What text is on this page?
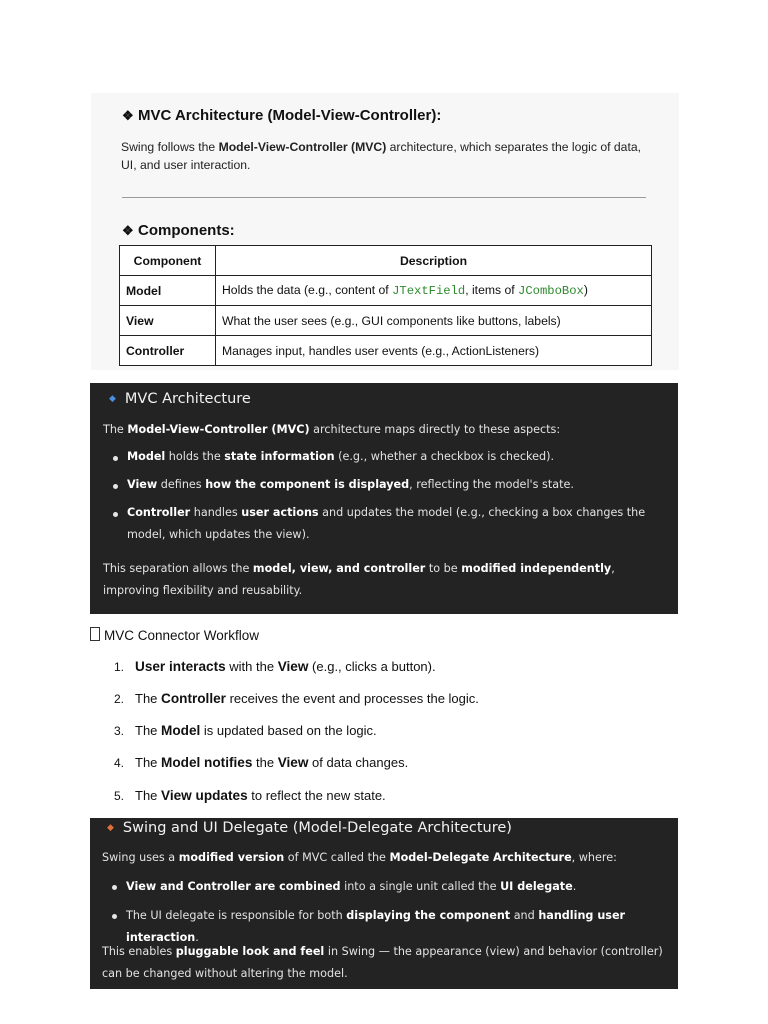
❖ MVC Architecture (Model-View-Controller):
Swing follows the Model-View-Controller (MVC) architecture, which separates the logic of data, UI, and user interaction.
❖ Components:
Component	Description
Model	Holds the data (e.g., content of JTextField, items of JComboBox)
View	What the user sees (e.g., GUI components like buttons, labels)
Controller	Manages input, handles user events (e.g., ActionListeners)
◆ MVC Architecture
The Model-View-Controller (MVC) architecture maps directly to these aspects:
Model holds the state information (e.g., whether a checkbox is checked).
View defines how the component is displayed, reflecting the model's state.
Controller handles user actions and updates the model (e.g., checking a box changes the model, which updates the view).
This separation allows the model, view, and controller to be modified independently, improving flexibility and reusability.
MVC Connector Workflow
1. User interacts with the View (e.g., clicks a button).
2. The Controller receives the event and processes the logic.
3. The Model is updated based on the logic.
4. The Model notifies the View of data changes.
5. The View updates to reflect the new state.
◆ Swing and UI Delegate (Model-Delegate Architecture)
Swing uses a modified version of MVC called the Model-Delegate Architecture, where:
View and Controller are combined into a single unit called the UI delegate.
The UI delegate is responsible for both displaying the component and handling user interaction.
This enables pluggable look and feel in Swing — the appearance (view) and behavior (controller) can be changed without altering the model.
